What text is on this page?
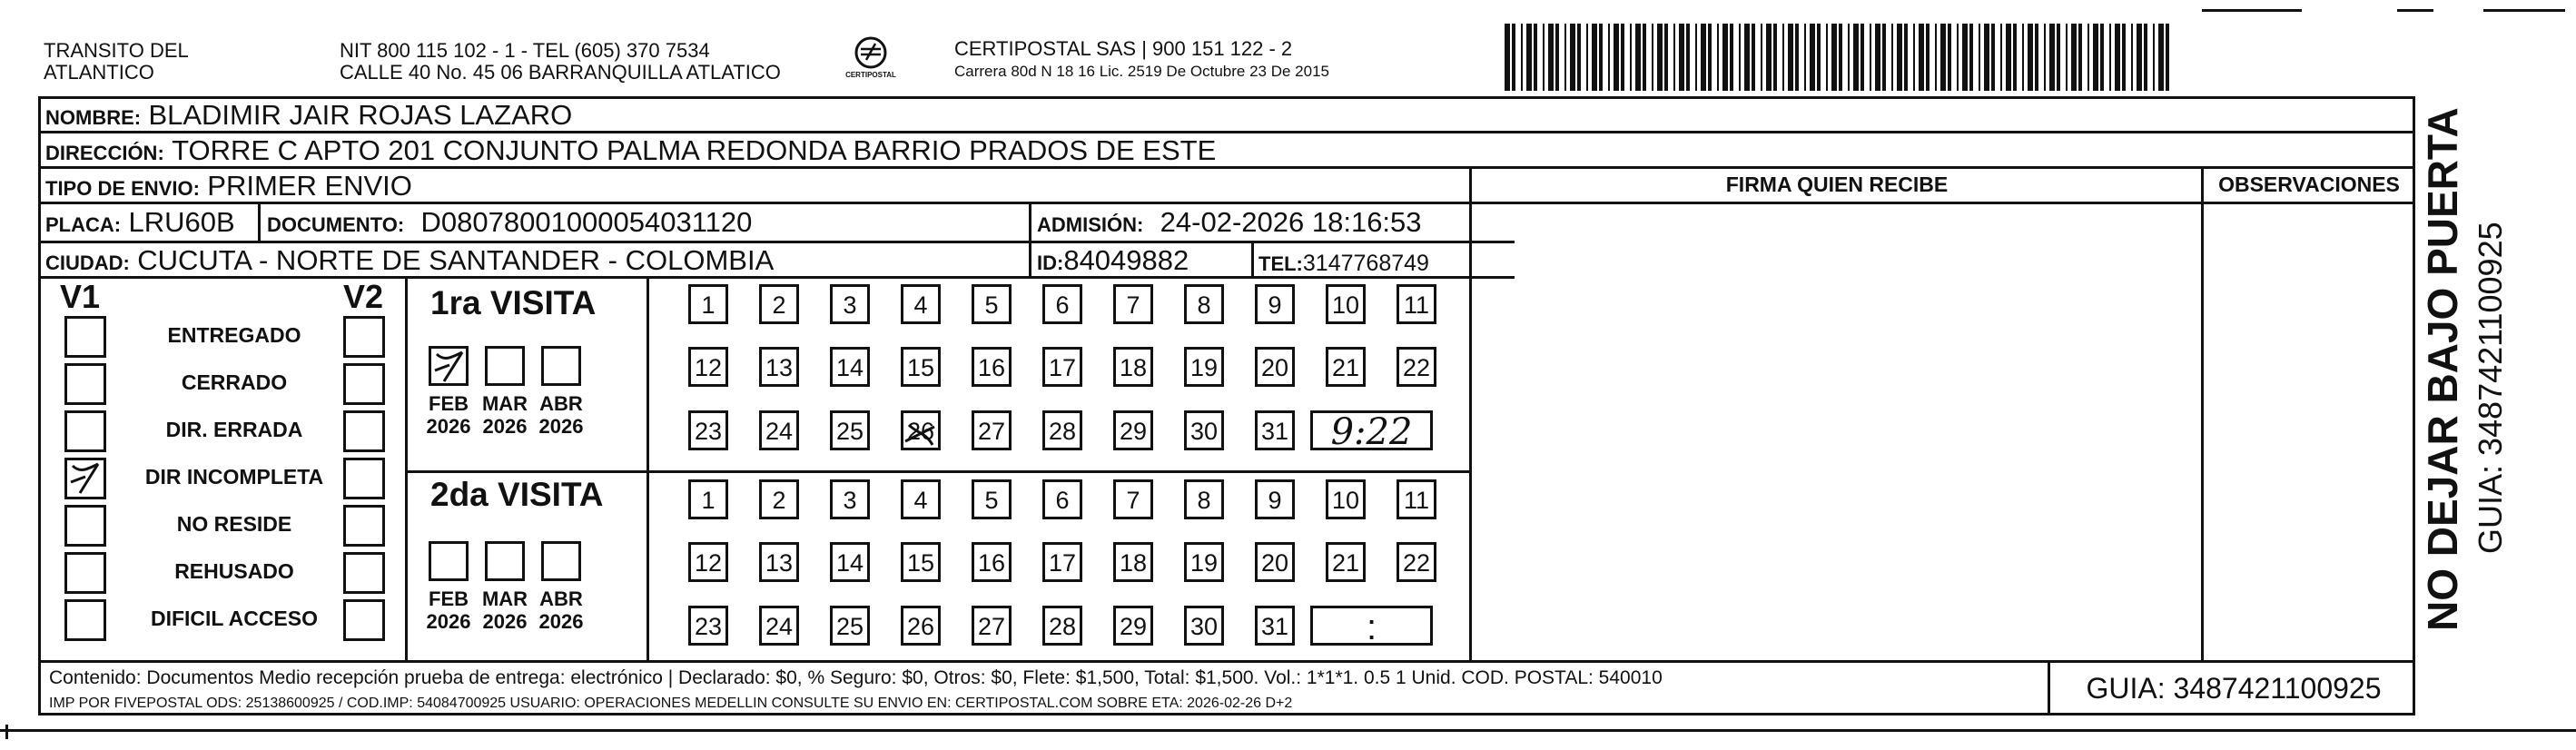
TRANSITO DEL
ATLANTICO
NIT 800 115 102 - 1 - TEL (605) 370 7534
CALLE 40 No. 45 06 BARRANQUILLA ATLATICO	CERTIPOSTAL
CERTIPOSTAL SAS | 900 151 122 - 2
Carrera 80d N 18 16 Lic. 2519 De Octubre 23 De 2015
NOMBRE: BLADIMIR JAIR ROJAS LAZARO
DIRECCIÓN: TORRE C APTO 201 CONJUNTO PALMA REDONDA BARRIO PRADOS DE ESTE
TIPO DE ENVIO: PRIMER ENVIO
PLACA: LRU60B DOCUMENTO: D08078001000054031120	ADMISIÓN: 24-02-2026 18:16:53
CIUDAD: CUCUTA - NORTE DE SANTANDER - COLOMBIA	ID:84049882	TEL:3147768749
FIRMA QUIEN RECIBE	OBSERVACIONES
V1	V2
ENTREGADO
CERRADO
DIR. ERRADA
DIR INCOMPLETA
NO RESIDE
REHUSADO
DIFICIL ACCESO
1ra VISITA
2da VISITA
FEB
2026
MAR
2026
ABR
2026
1	2	3	4	5	6	7	8	9	10 11
12 13 14 15 16 17 18 19 20 21 22
23 24 25 26 27 28 29 30 31	9:22
FEB
2026
MAR
2026
ABR
2026
1	2	3	4	5	6	7	8	9	10 11
12 13 14 15 16 17 18 19 20 21 22
23 24 25 26 27 28 29 30 31	:
Contenido: Documentos Medio recepción prueba de entrega: electrónico | Declarado: $0, % Seguro: $0, Otros: $0, Flete: $1,500, Total: $1,500. Vol.: 1*1*1. 0.5 1 Unid. COD. POSTAL: 540010
IMP POR FIVEPOSTAL ODS: 25138600925 / COD.IMP: 54084700925 USUARIO: OPERACIONES MEDELLIN CONSULTE SU ENVIO EN: CERTIPOSTAL.COM SOBRE ETA: 2026-02-26 D+2	GUIA: 3487421100925
NO DEJAR BAJO PUERTA GUIA: 3487421100925
